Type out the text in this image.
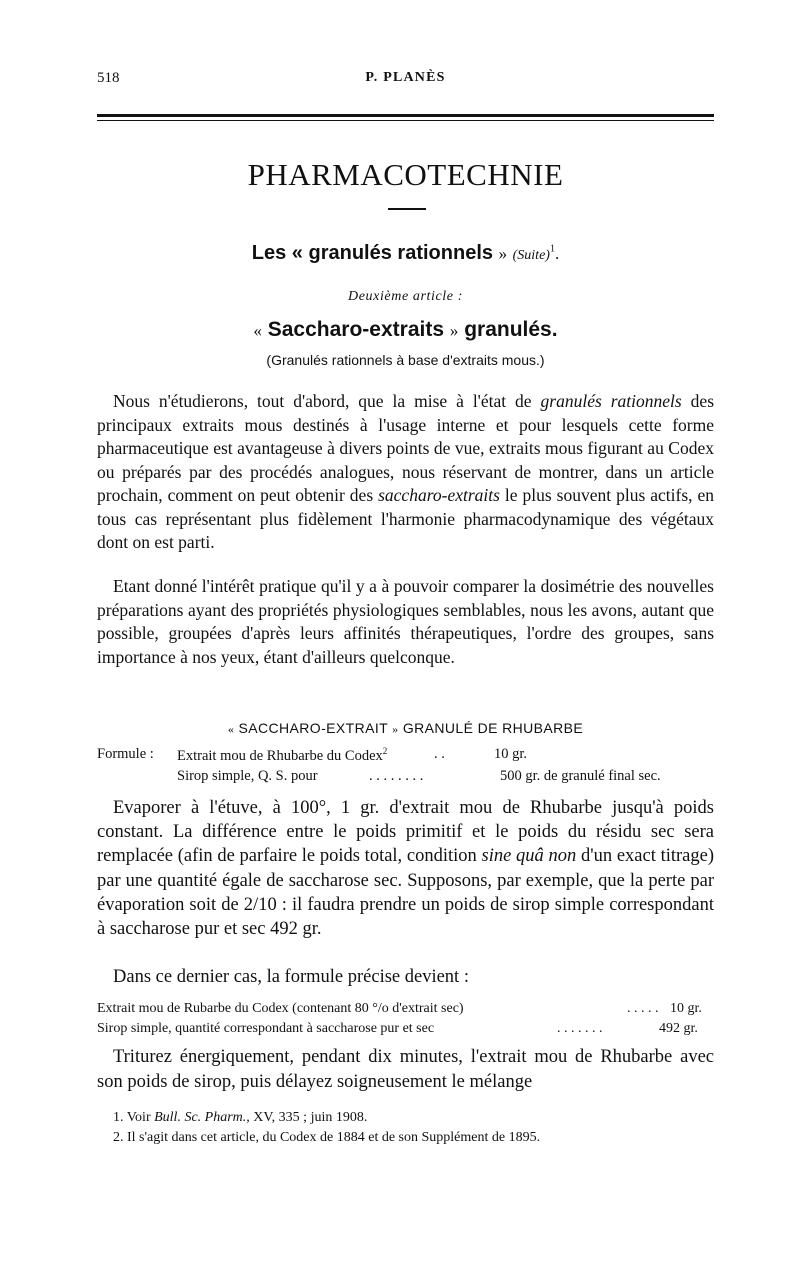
518	P. PLANÈS
PHARMACOTECHNIE
Les « granulés rationnels » (Suite)$^1$.
Deuxième article :
« Saccharo-extraits » granulés.
(Granulés rationnels à base d'extraits mous.)

Nous n'étudierons, tout d'abord, que la mise à l'état de granulés rationnels des principaux extraits mous destinés à l'usage interne et pour lesquels cette forme pharmaceutique est avantageuse à divers points de vue, extraits mous figurant au Codex ou préparés par des procédés analogues, nous réservant de montrer, dans un article prochain, comment on peut obtenir des saccharo-extraits le plus souvent plus actifs, en tous cas représentant plus fidèlement l'harmonie pharmacodynamique des végétaux dont on est parti.

Etant donné l'intérêt pratique qu'il y a à pouvoir comparer la dosimétrie des nouvelles préparations ayant des propriétés physiologiques semblables, nous les avons, autant que possible, groupées d'après leurs affinités thérapeutiques, l'ordre des groupes, sans importance à nos yeux, étant d'ailleurs quelconque.

« SACCHARO-EXTRAIT » GRANULÉ DE RHUBARBE
Formule : Extrait mou de Rhubarbe du Codex$^2$	. .	10 gr.
Sirop simple, Q. S. pour	. . . . . . . .	500 gr. de granulé final sec.

Evaporer à l'étuve, à 100°, 1 gr. d'extrait mou de Rhubarbe jusqu'à poids constant. La différence entre le poids primitif et le poids du résidu sec sera remplacée (afin de parfaire le poids total, condition sine quâ non d'un exact titrage) par une quantité égale de saccharose sec. Supposons, par exemple, que la perte par évaporation soit de 2/10 : il faudra prendre un poids de sirop simple correspondant à saccharose pur et sec 492 gr.

Dans ce dernier cas, la formule précise devient :

Extrait mou de Rubarbe du Codex (contenant 80 °/o d'extrait sec)	. . . . . 10 gr.
Sirop simple, quantité correspondant à saccharose pur et sec	. . . . . . .	492 gr.

Triturez énergiquement, pendant dix minutes, l'extrait mou de Rhubarbe avec son poids de sirop, puis délayez soigneusement le mélange

1. Voir Bull. Sc. Pharm., XV, 335 ; juin 1908.
2. Il s'agit dans cet article, du Codex de 1884 et de son Supplément de 1895.
